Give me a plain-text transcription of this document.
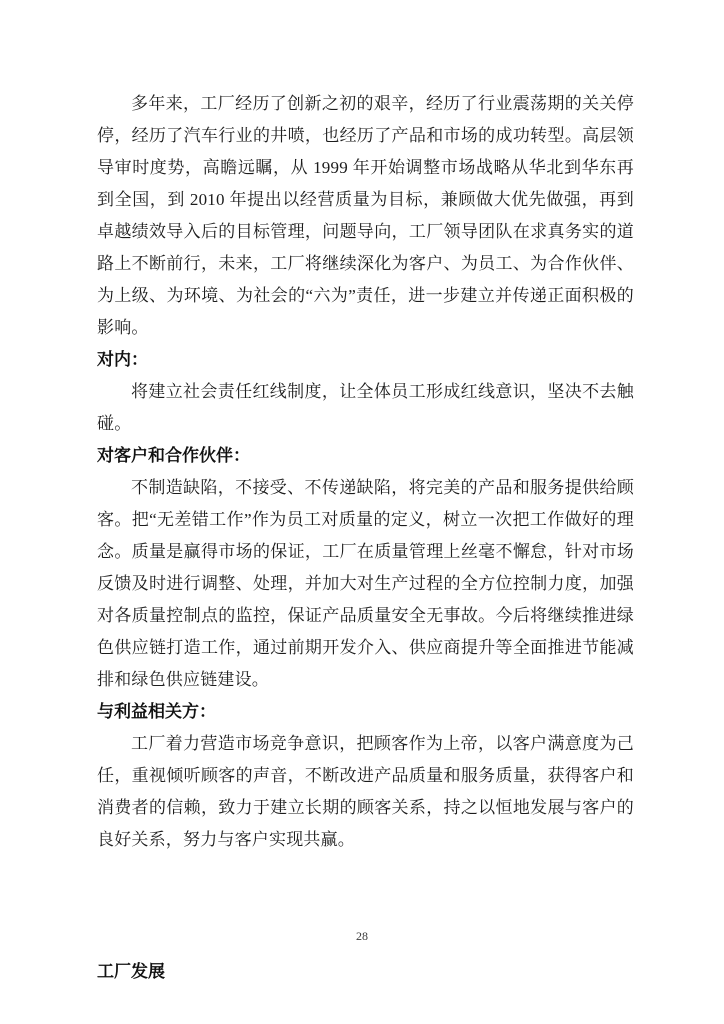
多年来，工厂经历了创新之初的艰辛，经历了行业震荡期的关关停停，经历了汽车行业的井喷，也经历了产品和市场的成功转型。高层领导审时度势，高瞻远瞩，从 1999 年开始调整市场战略从华北到华东再到全国，到 2010 年提出以经营质量为目标，兼顾做大优先做强，再到卓越绩效导入后的目标管理，问题导向，工厂领导团队在求真务实的道路上不断前行，未来，工厂将继续深化为客户、为员工、为合作伙伴、为上级、为环境、为社会的“六为”责任，进一步建立并传递正面积极的影响。

对内：

将建立社会责任红线制度，让全体员工形成红线意识，坚决不去触碰。

对客户和合作伙伴：

不制造缺陷，不接受、不传递缺陷，将完美的产品和服务提供给顾客。把“无差错工作”作为员工对质量的定义，树立一次把工作做好的理念。质量是赢得市场的保证，工厂在质量管理上丝毫不懈怠，针对市场反馈及时进行调整、处理，并加大对生产过程的全方位控制力度，加强对各质量控制点的监控，保证产品质量安全无事故。今后将继续推进绿色供应链打造工作，通过前期开发介入、供应商提升等全面推进节能减排和绿色供应链建设。

与利益相关方：

工厂着力营造市场竞争意识，把顾客作为上帝，以客户满意度为己任，重视倾听顾客的声音，不断改进产品质量和服务质量，获得客户和消费者的信赖，致力于建立长期的顾客关系，持之以恒地发展与客户的良好关系，努力与客户实现共赢。

工厂发展
28
